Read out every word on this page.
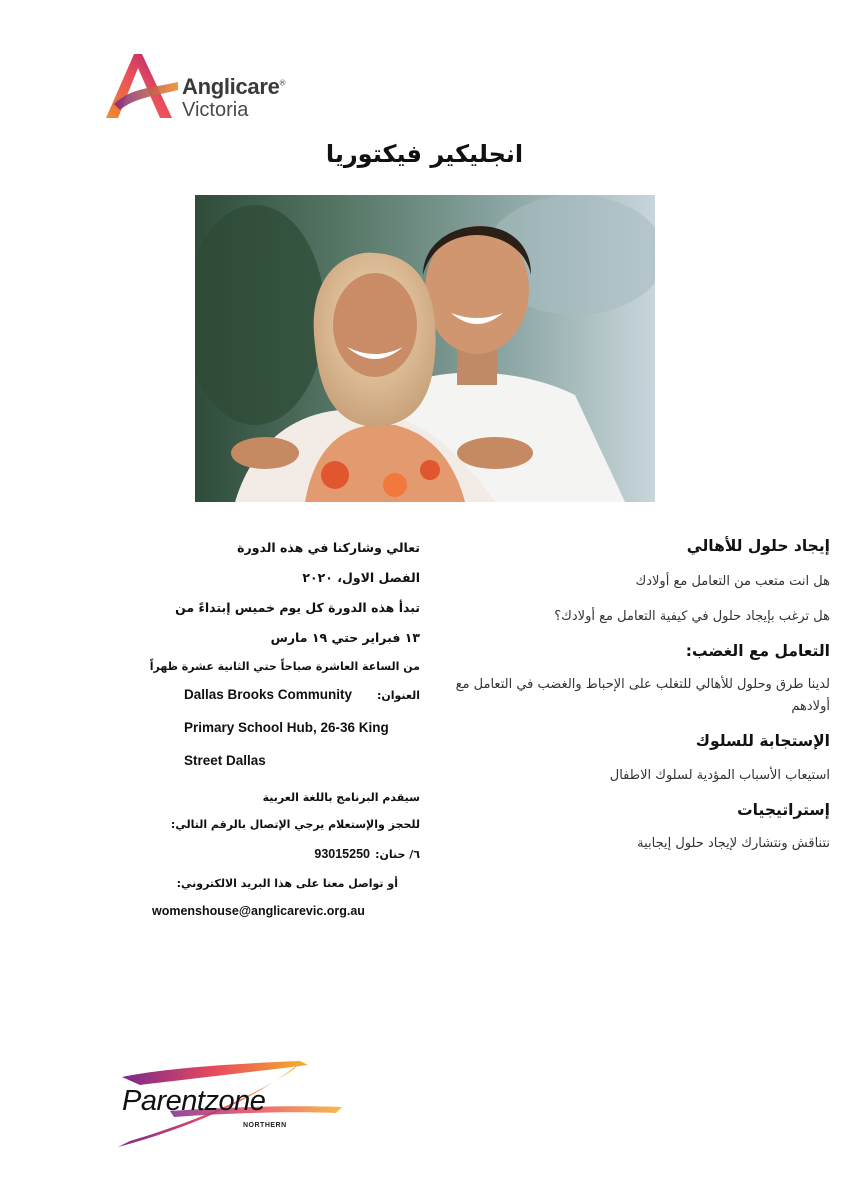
Anglicare®
Victoria
انجليكير فيكتوريا

إيجاد حلول للأهالي

هل انت متعب من التعامل مع أولادك

هل ترغب بإيجاد حلول في كيفية التعامل مع أولادك؟

التعامل مع الغضب:

لدينا طرق وحلول للأهالي للتغلب على الإحباط والغضب في التعامل مع أولادهم

الإستجابة للسلوك

استيعاب الأسباب المؤدية لسلوك الاطفال

إستراتيجيات

نتناقش ونتشارك لإيجاد حلول إيجابية

تعالي وشاركنا في هذه الدورة

الفصل الاول، ٢٠٢٠

تبدأ هذه الدورة كل يوم خميس إبتداءً من

١٣ فبراير حتي ١٩ مارس

من الساعة العاشرة صباحاً حتي الثانية عشرة ظهراً

العنوان:

Dallas Brooks Community

Primary School Hub, 26-36 King

Street Dallas

سيقدم البرنامج باللغة العربية

للحجز والإستعلام يرجي الإتصال بالرقم التالي:

٦/ حنان: 93015250

أو تواصل معنا على هذا البريد الالكتروني:

womenshouse@anglicarevic.org.au

Parentzone
NORTHERN
